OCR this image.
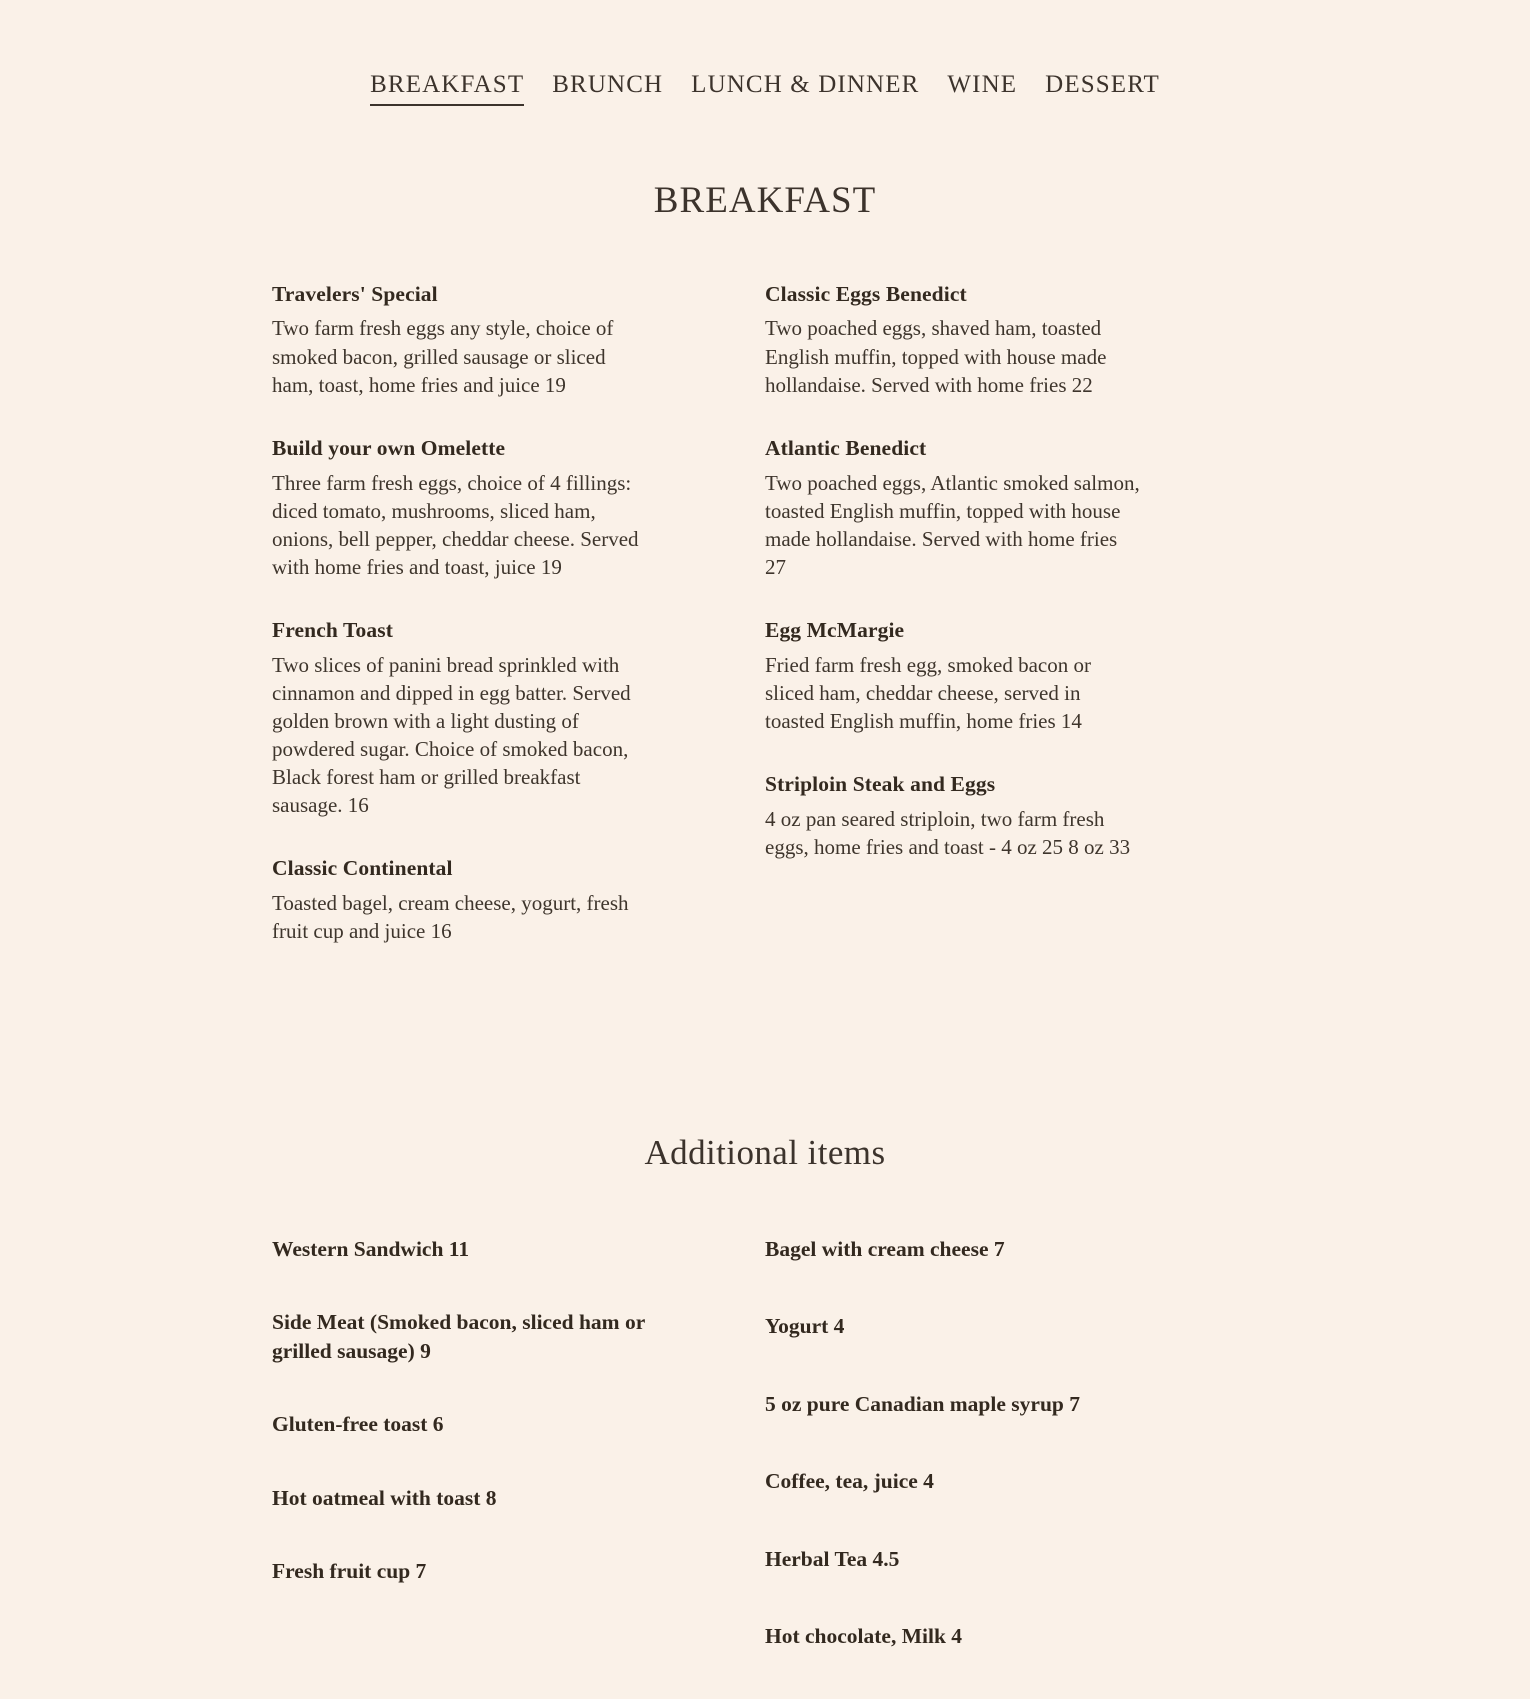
BREAKFAST BRUNCH LUNCH & DINNER WINE DESSERT
BREAKFAST
Travelers' Special
Two farm fresh eggs any style, choice of smoked bacon, grilled sausage or sliced ham, toast, home fries and juice 19
Build your own Omelette
Three farm fresh eggs, choice of 4 fillings: diced tomato, mushrooms, sliced ham, onions, bell pepper, cheddar cheese. Served with home fries and toast, juice 19
French Toast
Two slices of panini bread sprinkled with cinnamon and dipped in egg batter. Served golden brown with a light dusting of powdered sugar. Choice of smoked bacon, Black forest ham or grilled breakfast sausage. 16
Classic Continental
Toasted bagel, cream cheese, yogurt, fresh fruit cup and juice 16
Classic Eggs Benedict
Two poached eggs, shaved ham, toasted English muffin, topped with house made hollandaise. Served with home fries 22
Atlantic Benedict
Two poached eggs, Atlantic smoked salmon, toasted English muffin, topped with house made hollandaise. Served with home fries 27
Egg McMargie
Fried farm fresh egg, smoked bacon or sliced ham, cheddar cheese, served in toasted English muffin, home fries 14
Striploin Steak and Eggs
4 oz pan seared striploin, two farm fresh eggs, home fries and toast - 4 oz 25 8 oz 33
Additional items
Western Sandwich 11
Side Meat (Smoked bacon, sliced ham or grilled sausage) 9
Gluten-free toast 6
Hot oatmeal with toast 8
Fresh fruit cup 7
Bagel with cream cheese 7
Yogurt 4
5 oz pure Canadian maple syrup 7
Coffee, tea, juice 4
Herbal Tea 4.5
Hot chocolate, Milk 4
